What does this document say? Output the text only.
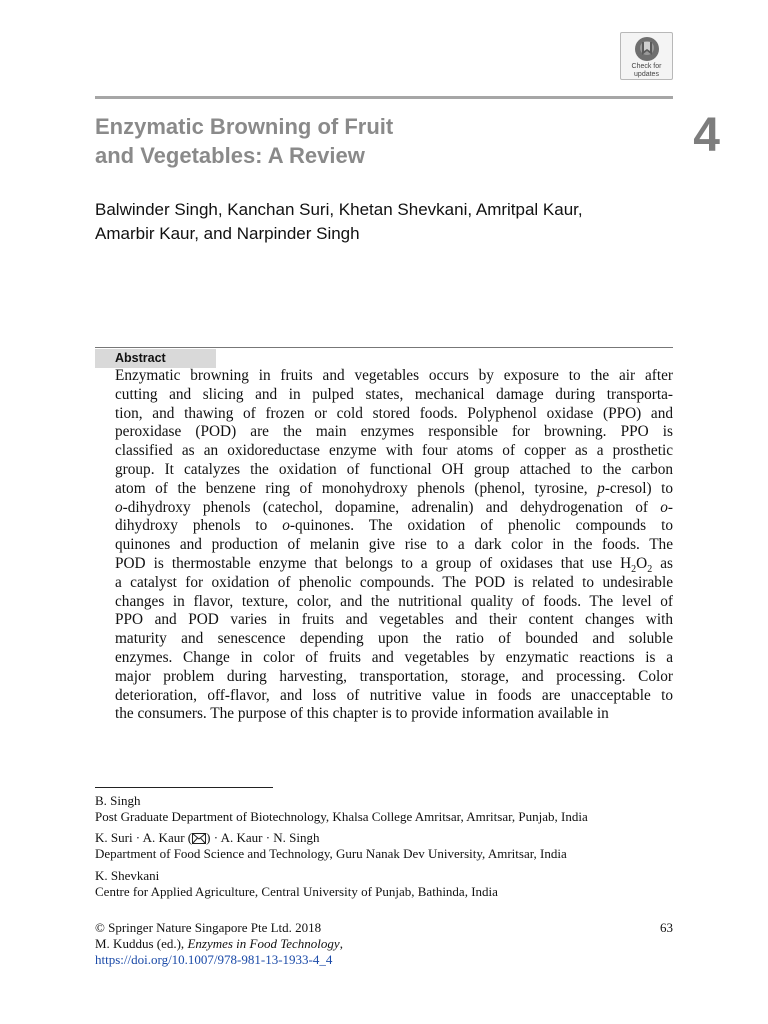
Check for
updates
Enzymatic Browning of Fruit
and Vegetables: A Review	4
Balwinder Singh, Kanchan Suri, Khetan Shevkani, Amritpal Kaur,
Amarbir Kaur, and Narpinder Singh
Abstract
Enzymatic browning in fruits and vegetables occurs by exposure to the air after
cutting and slicing and in pulped states, mechanical damage during transporta-
tion, and thawing of frozen or cold stored foods. Polyphenol oxidase (PPO) and
peroxidase (POD) are the main enzymes responsible for browning. PPO is
classified as an oxidoreductase enzyme with four atoms of copper as a prosthetic
group. It catalyzes the oxidation of functional OH group attached to the carbon
atom of the benzene ring of monohydroxy phenols (phenol, tyrosine, p-cresol) to
o-dihydroxy phenols (catechol, dopamine, adrenalin) and dehydrogenation of o-
dihydroxy phenols to o-quinones. The oxidation of phenolic compounds to
quinones and production of melanin give rise to a dark color in the foods. The
POD is thermostable enzyme that belongs to a group of oxidases that use $H_2O_2$ as
a catalyst for oxidation of phenolic compounds. The POD is related to undesirable
changes in flavor, texture, color, and the nutritional quality of foods. The level of
PPO and POD varies in fruits and vegetables and their content changes with
maturity and senescence depending upon the ratio of bounded and soluble
enzymes. Change in color of fruits and vegetables by enzymatic reactions is a
major problem during harvesting, transportation, storage, and processing. Color
deterioration, off-flavor, and loss of nutritive value in foods are unacceptable to
the consumers. The purpose of this chapter is to provide information available in
B. Singh
Post Graduate Department of Biotechnology, Khalsa College Amritsar, Amritsar, Punjab, India
K. Suri · A. Kaur ( ) · A. Kaur · N. Singh
Department of Food Science and Technology, Guru Nanak Dev University, Amritsar, India
K. Shevkani
Centre for Applied Agriculture, Central University of Punjab, Bathinda, India
© Springer Nature Singapore Pte Ltd. 2018
M. Kuddus (ed.), Enzymes in Food Technology,
https://doi.org/10.1007/978-981-13-1933-4_4
63
